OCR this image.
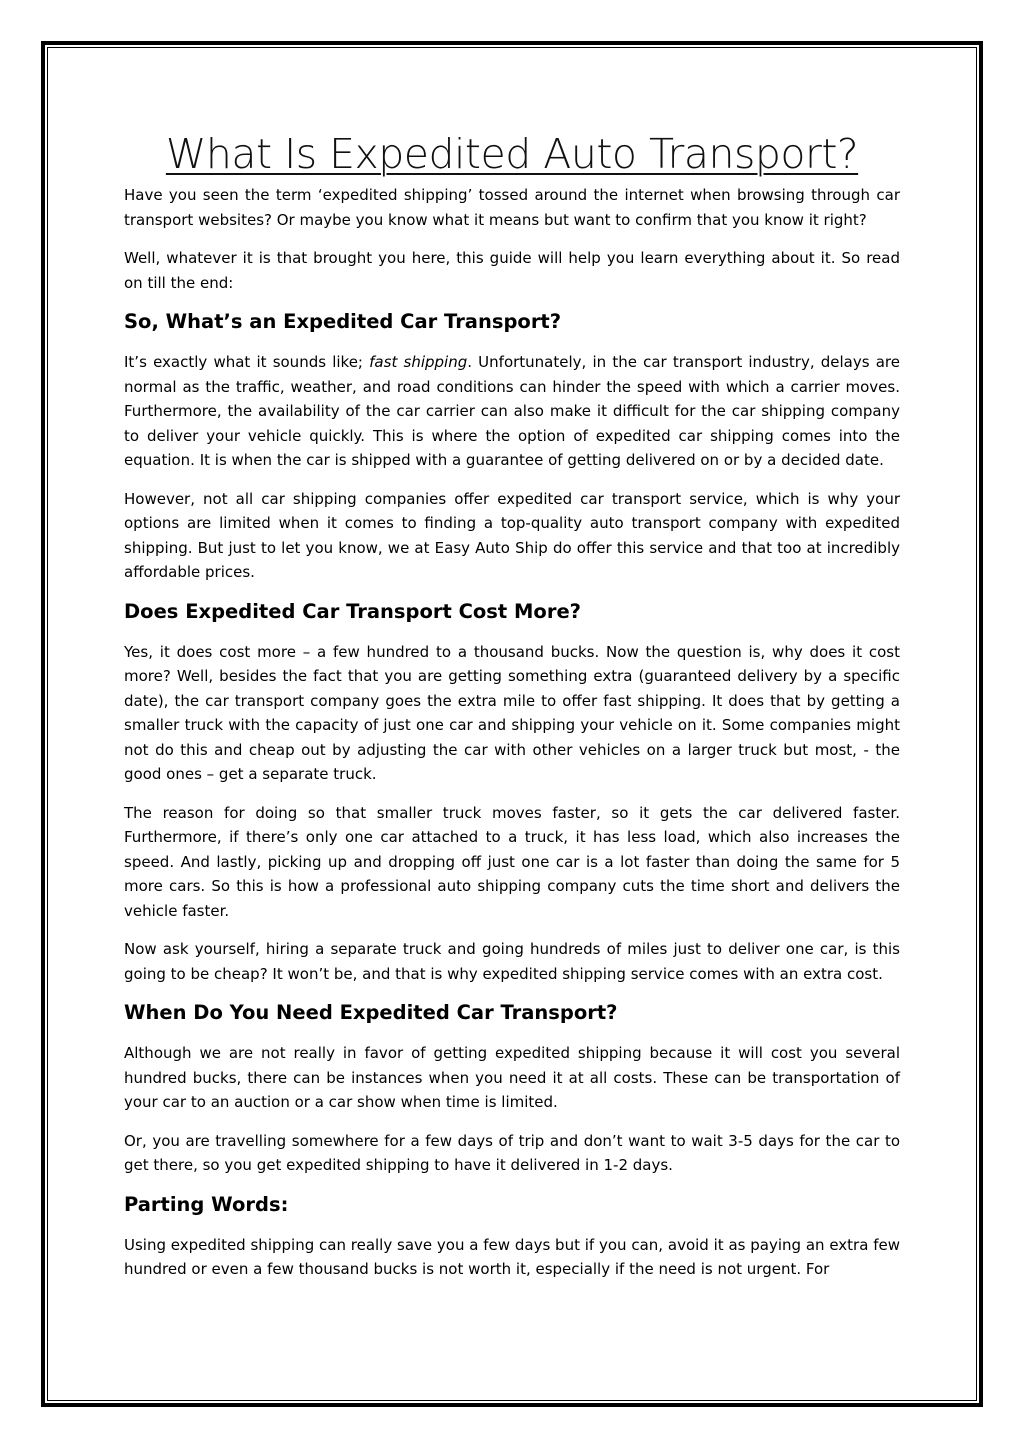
What Is Expedited Auto Transport?

Have you seen the term ‘expedited shipping’ tossed around the internet when browsing through car transport websites? Or maybe you know what it means but want to confirm that you know it right?

Well, whatever it is that brought you here, this guide will help you learn everything about it. So read on till the end:

So, What’s an Expedited Car Transport?

It’s exactly what it sounds like; fast shipping. Unfortunately, in the car transport industry, delays are normal as the traffic, weather, and road conditions can hinder the speed with which a carrier moves. Furthermore, the availability of the car carrier can also make it difficult for the car shipping company to deliver your vehicle quickly. This is where the option of expedited car shipping comes into the equation. It is when the car is shipped with a guarantee of getting delivered on or by a decided date.

However, not all car shipping companies offer expedited car transport service, which is why your options are limited when it comes to finding a top-quality auto transport company with expedited shipping. But just to let you know, we at Easy Auto Ship do offer this service and that too at incredibly affordable prices.

Does Expedited Car Transport Cost More?

Yes, it does cost more – a few hundred to a thousand bucks. Now the question is, why does it cost more? Well, besides the fact that you are getting something extra (guaranteed delivery by a specific date), the car transport company goes the extra mile to offer fast shipping. It does that by getting a smaller truck with the capacity of just one car and shipping your vehicle on it. Some companies might not do this and cheap out by adjusting the car with other vehicles on a larger truck but most, - the good ones – get a separate truck.

The reason for doing so that smaller truck moves faster, so it gets the car delivered faster. Furthermore, if there’s only one car attached to a truck, it has less load, which also increases the speed. And lastly, picking up and dropping off just one car is a lot faster than doing the same for 5 more cars. So this is how a professional auto shipping company cuts the time short and delivers the vehicle faster.

Now ask yourself, hiring a separate truck and going hundreds of miles just to deliver one car, is this going to be cheap? It won’t be, and that is why expedited shipping service comes with an extra cost.

When Do You Need Expedited Car Transport?

Although we are not really in favor of getting expedited shipping because it will cost you several hundred bucks, there can be instances when you need it at all costs. These can be transportation of your car to an auction or a car show when time is limited.

Or, you are travelling somewhere for a few days of trip and don’t want to wait 3-5 days for the car to get there, so you get expedited shipping to have it delivered in 1-2 days.

Parting Words:

Using expedited shipping can really save you a few days but if you can, avoid it as paying an extra few hundred or even a few thousand bucks is not worth it, especially if the need is not urgent. For
